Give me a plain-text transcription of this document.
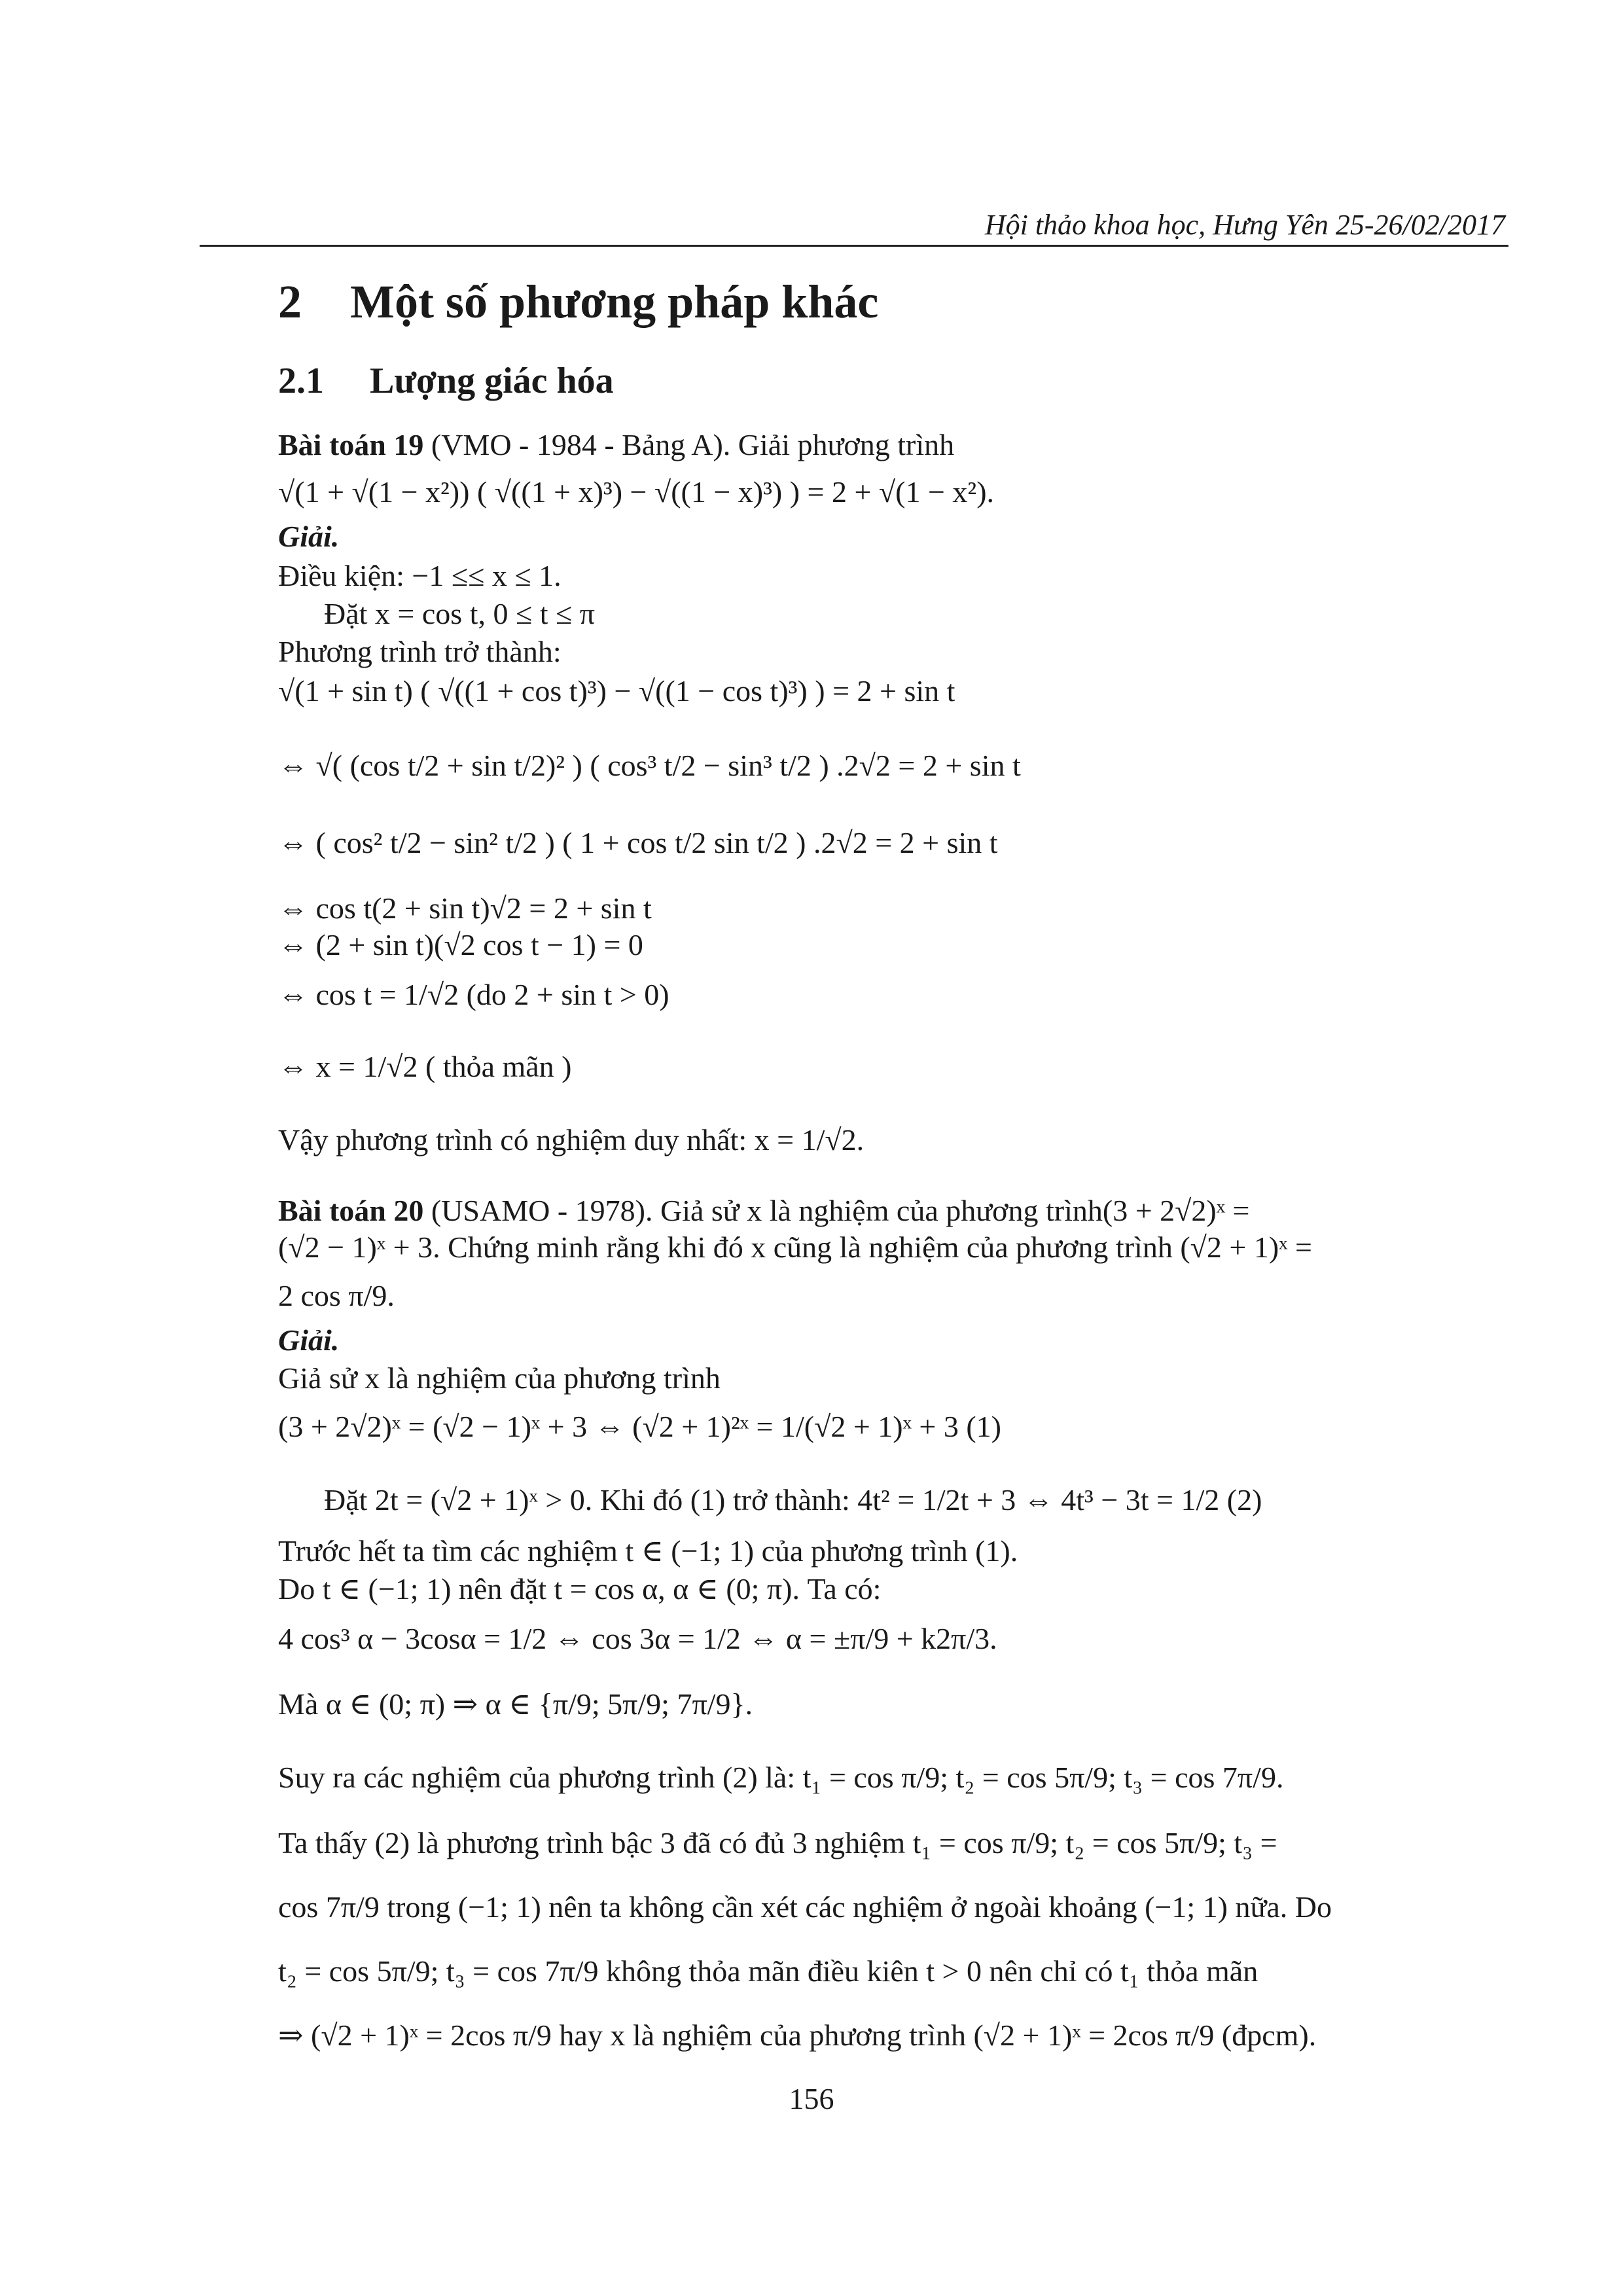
Hội thảo khoa học, Hưng Yên 25-26/02/2017
2 Một số phương pháp khác
2.1 Lượng giác hóa
Bài toán 19 (VMO - 1984 - Bảng A). Giải phương trình
√(1 + √(1 − x²)) ( √((1 + x)³) − √((1 − x)³) ) = 2 + √(1 − x²).
Giải.
Điều kiện: −1 ≤≤ x ≤ 1.
Đặt x = cos t, 0 ≤ t ≤ π
Phương trình trở thành:
√(1 + sin t) ( √((1 + cos t)³) − √((1 − cos t)³) ) = 2 + sin t
⇔ √( (cos t/2 + sin t/2)² ) ( cos³ t/2 − sin³ t/2 ) .2√2 = 2 + sin t
⇔ ( cos² t/2 − sin² t/2 ) ( 1 + cos t/2 sin t/2 ) .2√2 = 2 + sin t
⇔ cos t(2 + sin t)√2 = 2 + sin t
⇔ (2 + sin t)(√2 cos t − 1) = 0
⇔ cos t = 1/√2 (do 2 + sin t > 0)
⇔ x = 1/√2 ( thỏa mãn )
Vậy phương trình có nghiệm duy nhất: x = 1/√2.
Bài toán 20 (USAMO - 1978). Giả sử x là nghiệm của phương trình(3 + 2√2)ˣ =
(√2 − 1)ˣ + 3. Chứng minh rằng khi đó x cũng là nghiệm của phương trình (√2 + 1)ˣ =
2 cos π/9.
Giải.
Giả sử x là nghiệm của phương trình
(3 + 2√2)ˣ = (√2 − 1)ˣ + 3 ⇔ (√2 + 1)²ˣ = 1/(√2 + 1)ˣ + 3 (1)
Đặt 2t = (√2 + 1)ˣ > 0. Khi đó (1) trở thành: 4t² = 1/2t + 3 ⇔ 4t³ − 3t = 1/2 (2)
Trước hết ta tìm các nghiệm t ∈ (−1; 1) của phương trình (1).
Do t ∈ (−1; 1) nên đặt t = cos α, α ∈ (0; π). Ta có:
4 cos³ α − 3cosα = 1/2 ⇔ cos 3α = 1/2 ⇔ α = ±π/9 + k2π/3.
Mà α ∈ (0; π) ⇒ α ∈ {π/9; 5π/9; 7π/9}.
Suy ra các nghiệm của phương trình (2) là: t₁ = cos π/9; t₂ = cos 5π/9; t₃ = cos 7π/9.
Ta thấy (2) là phương trình bậc 3 đã có đủ 3 nghiệm t₁ = cos π/9; t₂ = cos 5π/9; t₃ =
cos 7π/9 trong (−1; 1) nên ta không cần xét các nghiệm ở ngoài khoảng (−1; 1) nữa. Do
t₂ = cos 5π/9; t₃ = cos 7π/9 không thỏa mãn điều kiên t > 0 nên chỉ có t₁ thỏa mãn
⇒ (√2 + 1)ˣ = 2cos π/9 hay x là nghiệm của phương trình (√2 + 1)ˣ = 2cos π/9 (đpcm).
156
